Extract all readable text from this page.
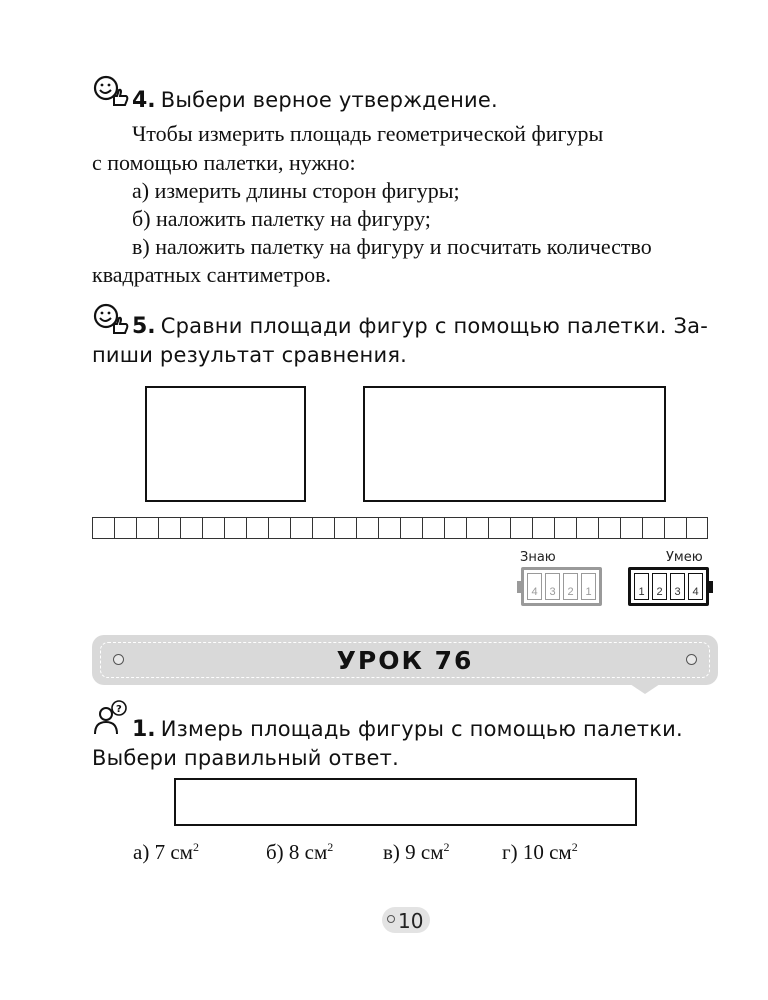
4. Выбери верное утверждение.
Чтобы измерить площадь геометрической фигуры
с помощью палетки, нужно:
а) измерить длины сторон фигуры;
б) наложить палетку на фигуру;
в) наложить палетку на фигуру и посчитать количество
квадратных сантиметров.
5. Сравни площади фигур с помощью палетки. За-
пиши результат сравнения.
Знаю	Умею
4	3	2	1	1	2	3	4
УРОК 76
?
1. Измерь площадь фигуры с помощью палетки.
Выбери правильный ответ.
а) 7 $см^2$	б) 8 $см^2$ в) 9 $см^2$ г) 10 $см^2$
10
